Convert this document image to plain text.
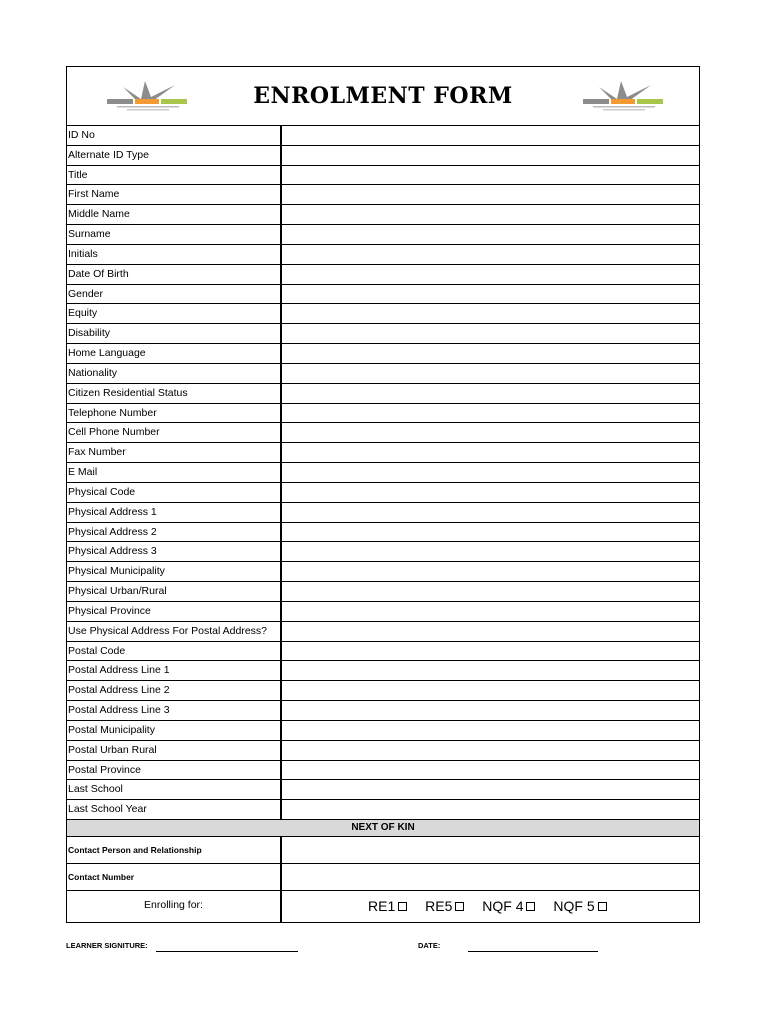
ENROLMENT FORM
ID No
Alternate ID Type
Title
First Name
Middle Name
Surname
Initials
Date Of Birth
Gender
Equity
Disability
Home Language
Nationality
Citizen Residential Status
Telephone Number
Cell Phone Number
Fax Number
E Mail
Physical Code
Physical Address 1
Physical Address 2
Physical Address 3
Physical Municipality
Physical Urban/Rural
Physical Province
Use Physical Address For Postal Address?
Postal Code
Postal Address Line 1
Postal Address Line 2
Postal Address Line 3
Postal Municipality
Postal Urban Rural
Postal Province
Last School
Last School Year
NEXT OF KIN
Contact Person and Relationship
Contact Number
Enrolling for:	RE1 RE5 NQF 4 NQF 5
LEARNER SIGNITURE:	DATE:
